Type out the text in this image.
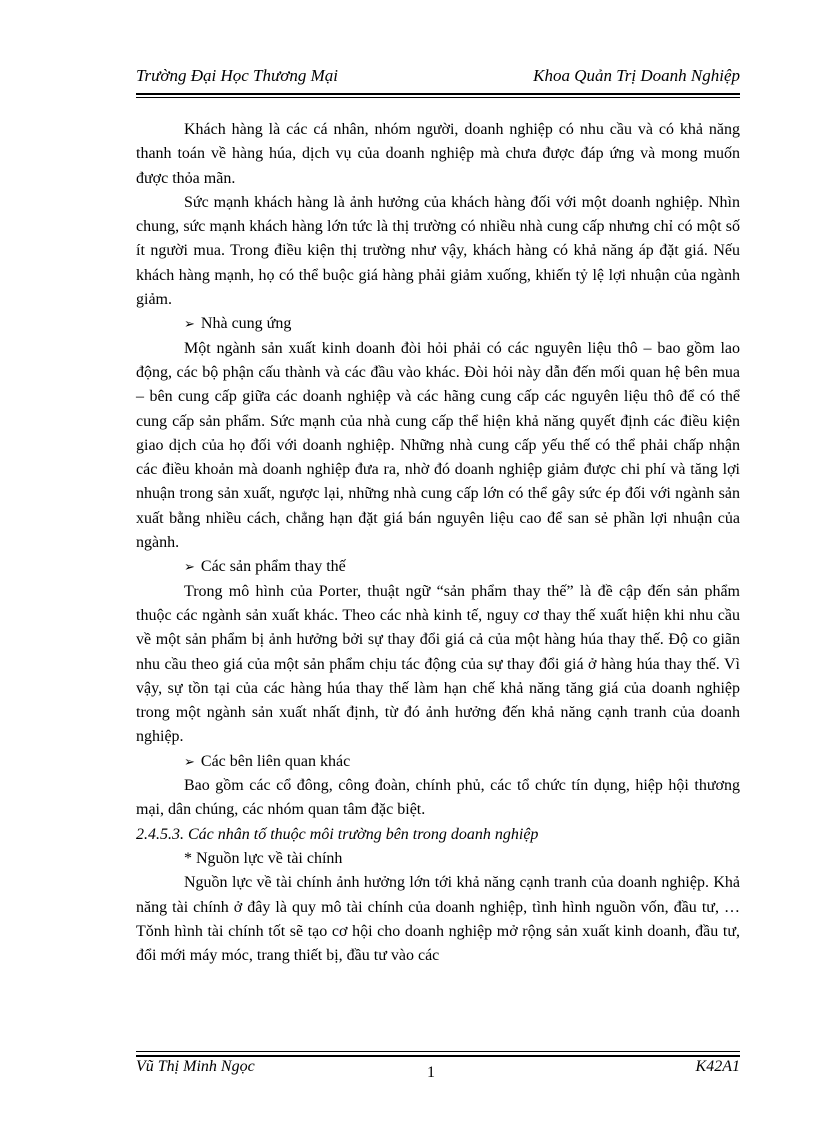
Trường Đại Học Thương Mại	Khoa Quản Trị Doanh Nghiệp

Khách hàng là các cá nhân, nhóm người, doanh nghiệp có nhu cầu và có khả năng thanh toán về hàng húa, dịch vụ của doanh nghiệp mà chưa được đáp ứng và mong muốn được thỏa mãn.

Sức mạnh khách hàng là ảnh hưởng của khách hàng đối với một doanh nghiệp. Nhìn chung, sức mạnh khách hàng lớn tức là thị trường có nhiều nhà cung cấp nhưng chỉ có một số ít người mua. Trong điều kiện thị trường như vậy, khách hàng có khả năng áp đặt giá. Nếu khách hàng mạnh, họ có thể buộc giá hàng phải giảm xuống, khiến tỷ lệ lợi nhuận của ngành giảm.

➢ Nhà cung ứng

Một ngành sản xuất kinh doanh đòi hỏi phải có các nguyên liệu thô – bao gồm lao động, các bộ phận cấu thành và các đầu vào khác. Đòi hỏi này dẫn đến mối quan hệ bên mua – bên cung cấp giữa các doanh nghiệp và các hãng cung cấp các nguyên liệu thô để có thể cung cấp sản phẩm. Sức mạnh của nhà cung cấp thể hiện khả năng quyết định các điều kiện giao dịch của họ đối với doanh nghiệp. Những nhà cung cấp yếu thế có thể phải chấp nhận các điều khoản mà doanh nghiệp đưa ra, nhờ đó doanh nghiệp giảm được chi phí và tăng lợi nhuận trong sản xuất, ngược lại, những nhà cung cấp lớn có thể gây sức ép đối với ngành sản xuất bằng nhiều cách, chẳng hạn đặt giá bán nguyên liệu cao để san sẻ phần lợi nhuận của ngành.

➢ Các sản phẩm thay thế

Trong mô hình của Porter, thuật ngữ “sản phẩm thay thế” là đề cập đến sản phẩm thuộc các ngành sản xuất khác. Theo các nhà kinh tế, nguy cơ thay thế xuất hiện khi nhu cầu về một sản phẩm bị ảnh hưởng bởi sự thay đổi giá cả của một hàng húa thay thế. Độ co giãn nhu cầu theo giá của một sản phẩm chịu tác động của sự thay đổi giá ở hàng húa thay thế. Vì vậy, sự tồn tại của các hàng húa thay thế làm hạn chế khả năng tăng giá của doanh nghiệp trong một ngành sản xuất nhất định, từ đó ảnh hưởng đến khả năng cạnh tranh của doanh nghiệp.

➢ Các bên liên quan khác

Bao gồm các cổ đông, công đoàn, chính phủ, các tổ chức tín dụng, hiệp hội thương mại, dân chúng, các nhóm quan tâm đặc biệt.

2.4.5.3. Các nhân tố thuộc môi trường bên trong doanh nghiệp

* Nguồn lực về tài chính

Nguồn lực về tài chính ảnh hưởng lớn tới khả năng cạnh tranh của doanh nghiệp. Khả năng tài chính ở đây là quy mô tài chính của doanh nghiệp, tình hình nguồn vốn, đầu tư, …Tǒnh hình tài chính tốt sẽ tạo cơ hội cho doanh nghiệp mở rộng sản xuất kinh doanh, đầu tư, đổi mới máy móc, trang thiết bị, đầu tư vào các

Vũ Thị Minh Ngọc	K42A1
1
